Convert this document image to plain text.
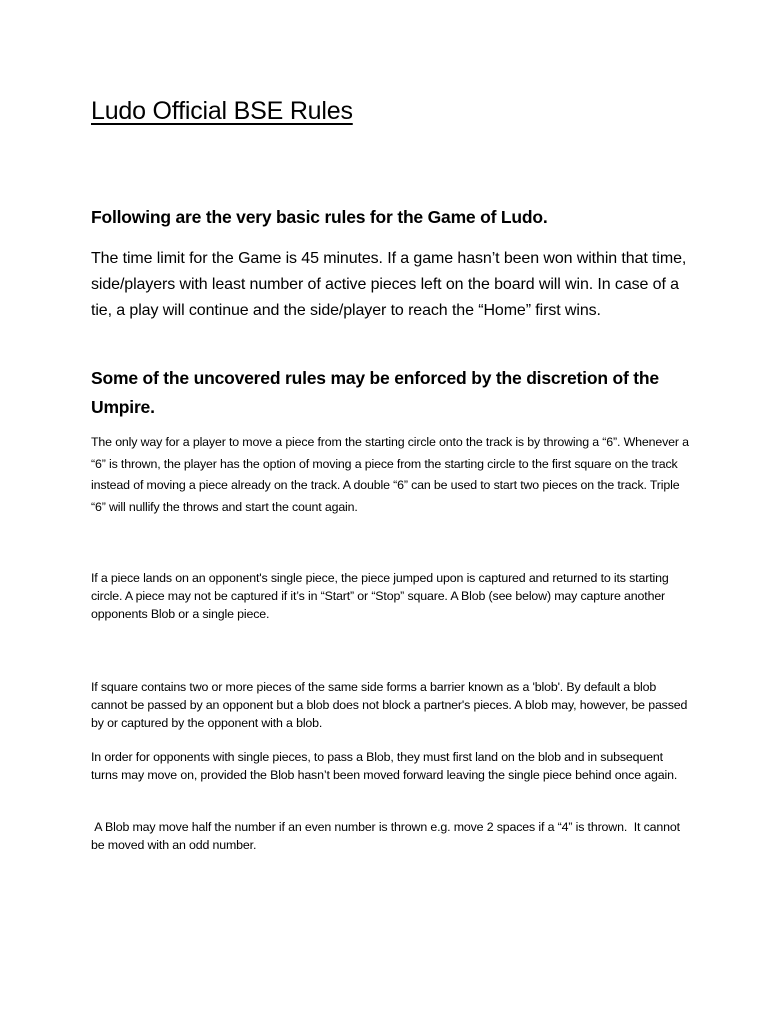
Ludo Official BSE Rules
Following are the very basic rules for the Game of Ludo.

The time limit for the Game is 45 minutes. If a game hasn’t been won within that time, side/players with least number of active pieces left on the board will win. In case of a tie, a play will continue and the side/player to reach the “Home” first wins.

Some of the uncovered rules may be enforced by the discretion of the Umpire.

The only way for a player to move a piece from the starting circle onto the track is by throwing a “6”. Whenever a “6” is thrown, the player has the option of moving a piece from the starting circle to the first square on the track instead of moving a piece already on the track. A double “6” can be used to start two pieces on the track. Triple “6” will nullify the throws and start the count again.

If a piece lands on an opponent's single piece, the piece jumped upon is captured and returned to its starting circle. A piece may not be captured if it’s in “Start” or “Stop” square. A Blob (see below) may capture another opponents Blob or a single piece.

If square contains two or more pieces of the same side forms a barrier known as a 'blob'. By default a blob cannot be passed by an opponent but a blob does not block a partner's pieces. A blob may, however, be passed by or captured by the opponent with a blob.

In order for opponents with single pieces, to pass a Blob, they must first land on the blob and in subsequent turns may move on, provided the Blob hasn’t been moved forward leaving the single piece behind once again.

A Blob may move half the number if an even number is thrown e.g. move 2 spaces if a “4” is thrown.  It cannot be moved with an odd number.
